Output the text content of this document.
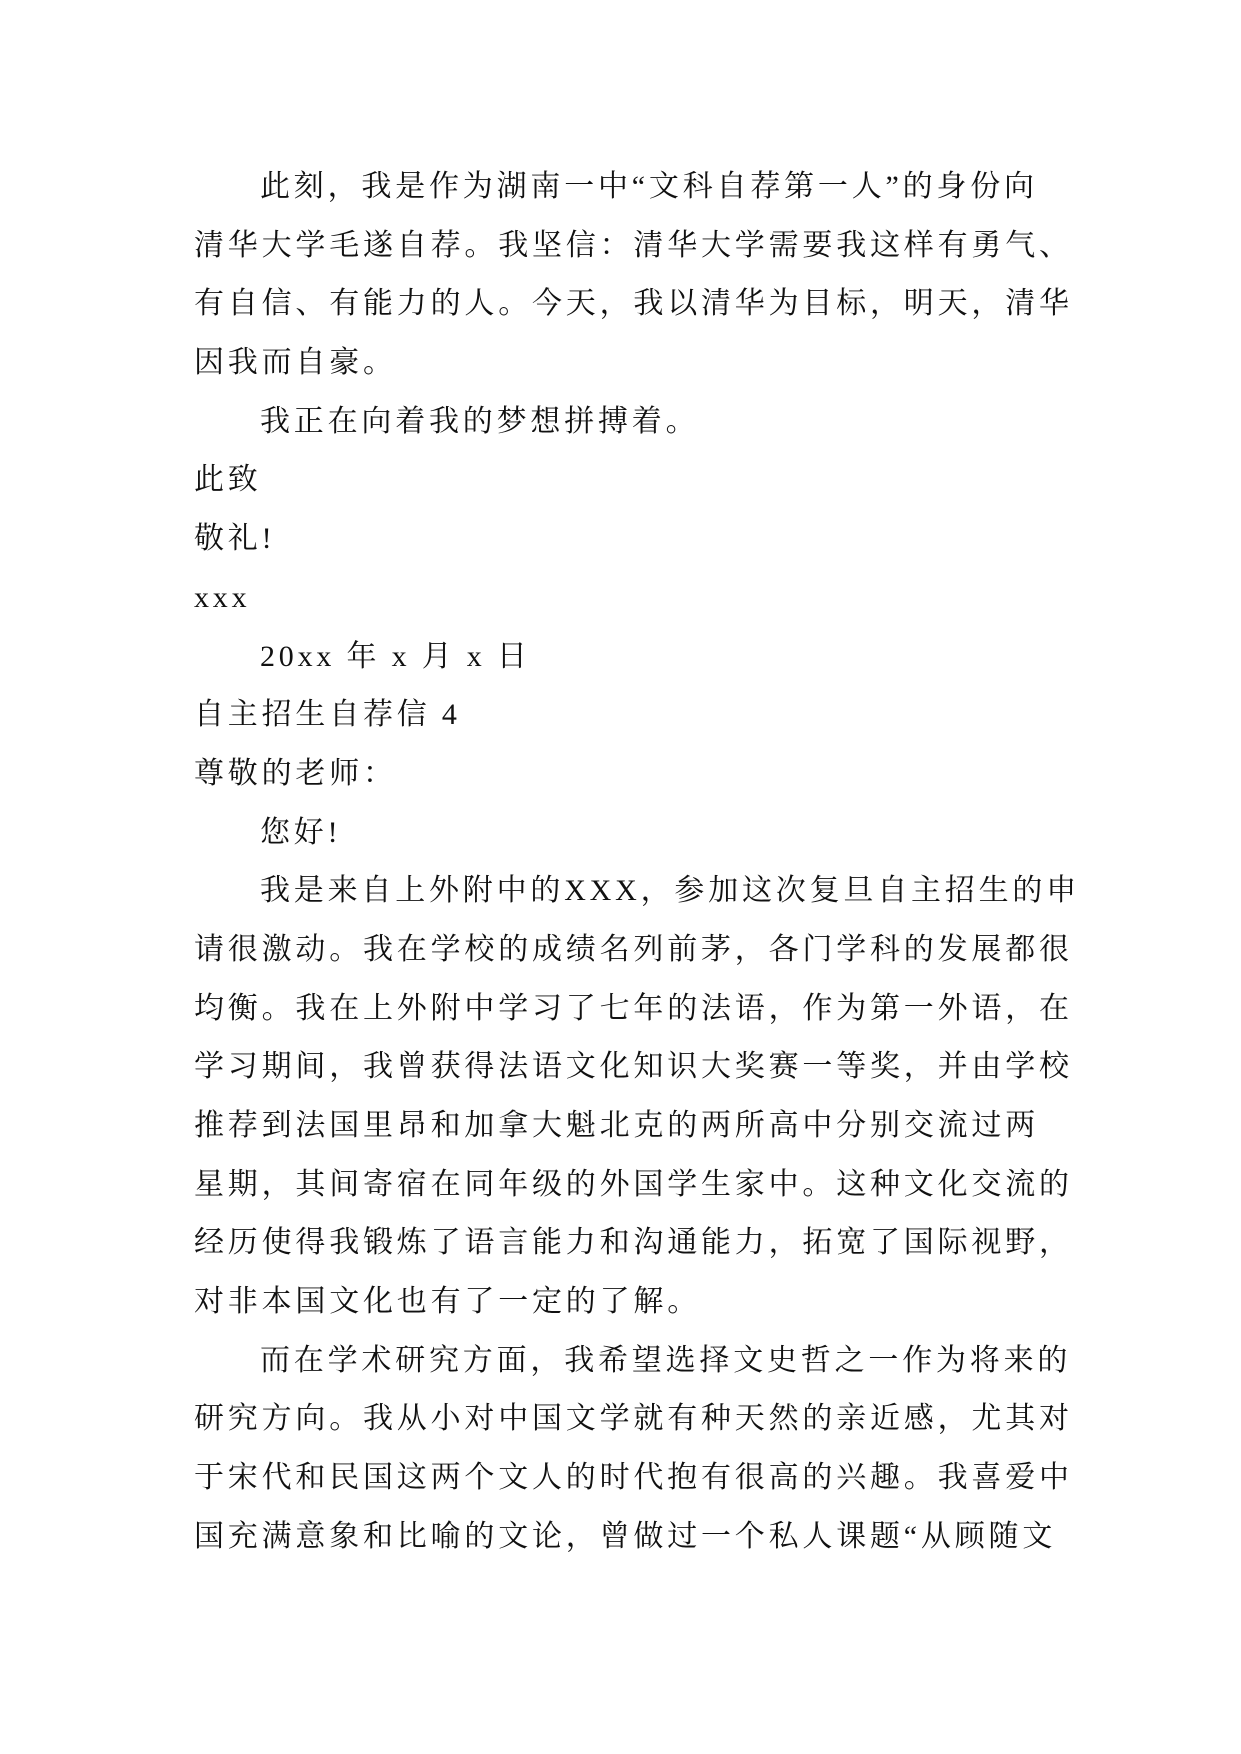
此刻，我是作为湖南一中“文科自荐第一人”的身份向
清华大学毛遂自荐。我坚信：清华大学需要我这样有勇气、
有自信、有能力的人。今天，我以清华为目标，明天，清华
因我而自豪。
我正在向着我的梦想拼搏着。
此致
敬礼!
xxx
20xx 年 x 月 x 日
自主招生自荐信 4
尊敬的老师：
您好!
我是来自上外附中的XXX，参加这次复旦自主招生的申
请很激动。我在学校的成绩名列前茅，各门学科的发展都很
均衡。我在上外附中学习了七年的法语，作为第一外语，在
学习期间，我曾获得法语文化知识大奖赛一等奖，并由学校
推荐到法国里昂和加拿大魁北克的两所高中分别交流过两
星期，其间寄宿在同年级的外国学生家中。这种文化交流的
经历使得我锻炼了语言能力和沟通能力，拓宽了国际视野，
对非本国文化也有了一定的了解。
而在学术研究方面，我希望选择文史哲之一作为将来的
研究方向。我从小对中国文学就有种天然的亲近感，尤其对
于宋代和民国这两个文人的时代抱有很高的兴趣。我喜爱中
国充满意象和比喻的文论，曾做过一个私人课题“从顾随文
